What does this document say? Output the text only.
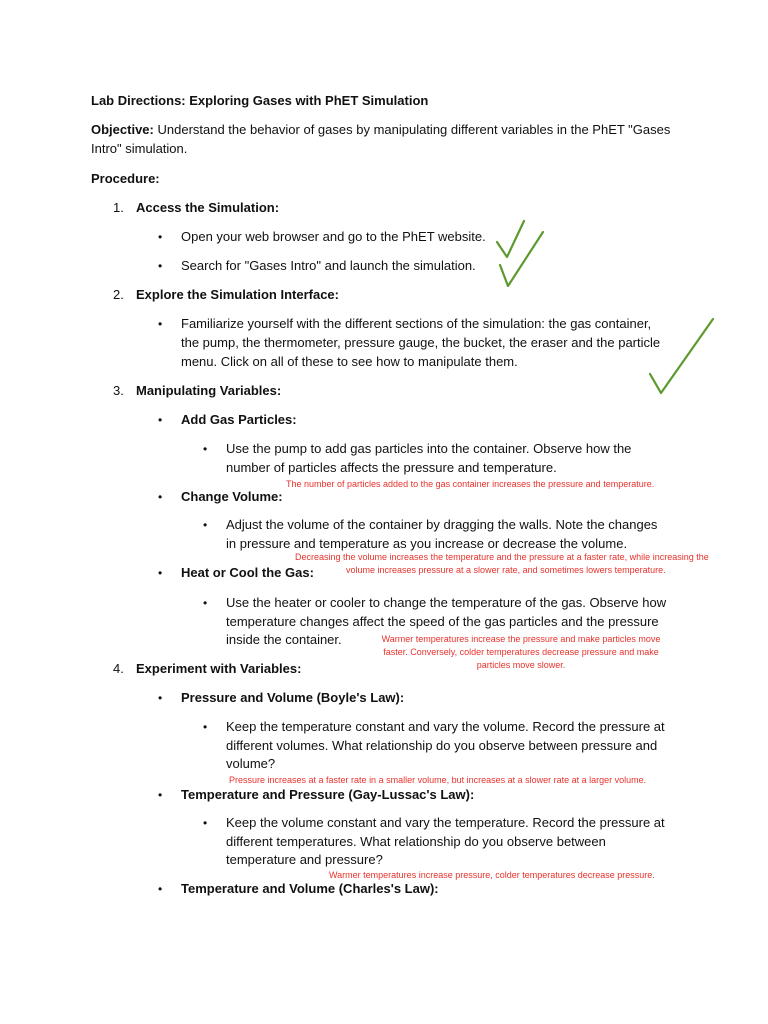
Lab Directions: Exploring Gases with PhET Simulation
Objective: Understand the behavior of gases by manipulating different variables in the PhET "Gases
Intro" simulation.
Procedure:
1. Access the Simulation:
• Open your web browser and go to the PhET website.
• Search for "Gases Intro" and launch the simulation.
2. Explore the Simulation Interface:
• Familiarize yourself with the different sections of the simulation: the gas container,
the pump, the thermometer, pressure gauge, the bucket, the eraser and the particle
menu. Click on all of these to see how to manipulate them.
3. Manipulating Variables:
• Add Gas Particles:
• Use the pump to add gas particles into the container. Observe how the
number of particles affects the pressure and temperature.
The number of particles added to the gas container increases the pressure and temperature.
• Change Volume:
• Adjust the volume of the container by dragging the walls. Note the changes
in pressure and temperature as you increase or decrease the volume.
Decreasing the volume increases the temperature and the pressure at a faster rate, while increasing the
volume increases pressure at a slower rate, and sometimes lowers temperature.
• Heat or Cool the Gas:
• Use the heater or cooler to change the temperature of the gas. Observe how
temperature changes affect the speed of the gas particles and the pressure
inside the container.	Warmer temperatures increase the pressure and make particles move
faster. Conversely, colder temperatures decrease pressure and make
particles move slower.
4. Experiment with Variables:
• Pressure and Volume (Boyle's Law):
• Keep the temperature constant and vary the volume. Record the pressure at
different volumes. What relationship do you observe between pressure and
volume?
Pressure increases at a faster rate in a smaller volume, but increases at a slower rate at a larger volume.
• Temperature and Pressure (Gay-Lussac's Law):
• Keep the volume constant and vary the temperature. Record the pressure at
different temperatures. What relationship do you observe between
temperature and pressure?
Warmer temperatures increase pressure, colder temperatures decrease pressure.
• Temperature and Volume (Charles's Law):
